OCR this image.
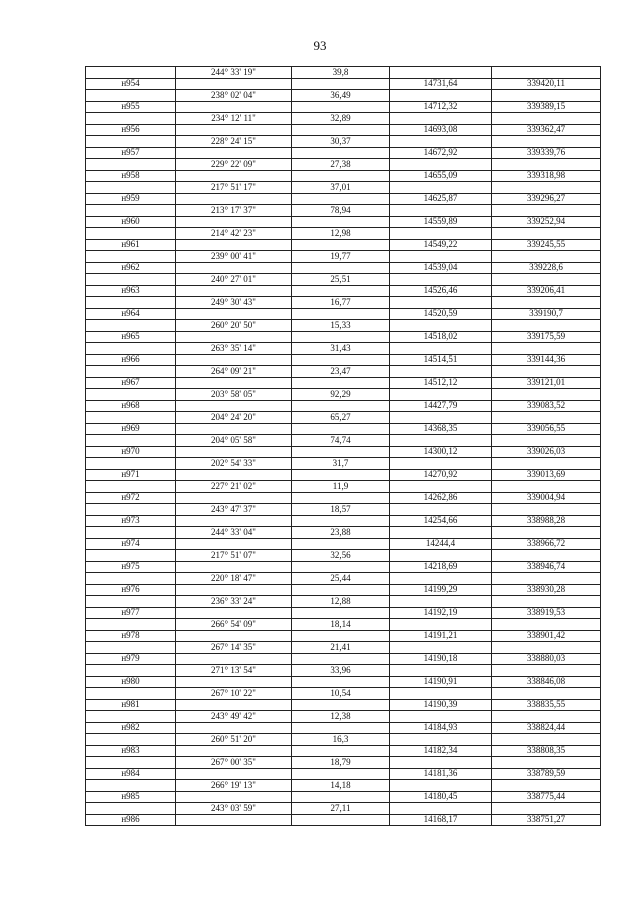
93
	244° 33' 19"	39,8		
н954			14731,64	339420,11
	238° 02' 04"	36,49		
н955			14712,32	339389,15
	234° 12' 11"	32,89		
н956			14693,08	339362,47
	228° 24' 15"	30,37		
н957			14672,92	339339,76
	229° 22' 09"	27,38		
н958			14655,09	339318,98
	217° 51' 17"	37,01		
н959			14625,87	339296,27
	213° 17' 37"	78,94		
н960			14559,89	339252,94
	214° 42' 23"	12,98		
н961			14549,22	339245,55
	239° 00' 41"	19,77		
н962			14539,04	339228,6
	240° 27' 01"	25,51		
н963			14526,46	339206,41
	249° 30' 43"	16,77		
н964			14520,59	339190,7
	260° 20' 50"	15,33		
н965			14518,02	339175,59
	263° 35' 14"	31,43		
н966			14514,51	339144,36
	264° 09' 21"	23,47		
н967			14512,12	339121,01
	203° 58' 05"	92,29		
н968			14427,79	339083,52
	204° 24' 20"	65,27		
н969			14368,35	339056,55
	204° 05' 58"	74,74		
н970			14300,12	339026,03
	202° 54' 33"	31,7		
н971			14270,92	339013,69
	227° 21' 02"	11,9		
н972			14262,86	339004,94
	243° 47' 37"	18,57		
н973			14254,66	338988,28
	244° 33' 04"	23,88		
н974			14244,4	338966,72
	217° 51' 07"	32,56		
н975			14218,69	338946,74
	220° 18' 47"	25,44		
н976			14199,29	338930,28
	236° 33' 24"	12,88		
н977			14192,19	338919,53
	266° 54' 09"	18,14		
н978			14191,21	338901,42
	267° 14' 35"	21,41		
н979			14190,18	338880,03
	271° 13' 54"	33,96		
н980			14190,91	338846,08
	267° 10' 22"	10,54		
н981			14190,39	338835,55
	243° 49' 42"	12,38		
н982			14184,93	338824,44
	260° 51' 20"	16,3		
н983			14182,34	338808,35
	267° 00' 35"	18,79		
н984			14181,36	338789,59
	266° 19' 13"	14,18		
н985			14180,45	338775,44
	243° 03' 59"	27,11		
н986			14168,17	338751,27
